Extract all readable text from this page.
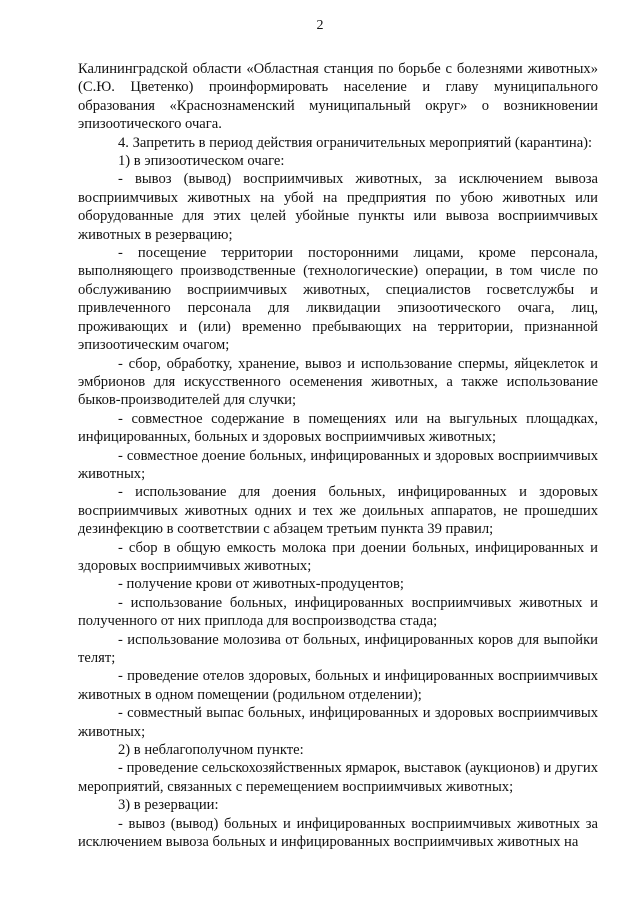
2

Калининградской области «Областная станция по борьбе с болезнями животных» (С.Ю. Цветенко) проинформировать население и главу муниципального образования «Краснознаменский муниципальный округ» о возникновении эпизоотического очага.

4. Запретить в период действия ограничительных мероприятий (карантина):

1) в эпизоотическом очаге:

- вывоз (вывод) восприимчивых животных, за исключением вывоза восприимчивых животных на убой на предприятия по убою животных или оборудованные для этих целей убойные пункты или вывоза восприимчивых животных в резервацию;

- посещение территории посторонними лицами, кроме персонала, выполняющего производственные (технологические) операции, в том числе по обслуживанию восприимчивых животных, специалистов госветслужбы и привлеченного персонала для ликвидации эпизоотического очага, лиц, проживающих и (или) временно пребывающих на территории, признанной эпизоотическим очагом;

- сбор, обработку, хранение, вывоз и использование спермы, яйцеклеток и эмбрионов для искусственного осеменения животных, а также использование быков-производителей для случки;

- совместное содержание в помещениях или на выгульных площадках, инфицированных, больных и здоровых восприимчивых животных;

- совместное доение больных, инфицированных и здоровых восприимчивых животных;

- использование для доения больных, инфицированных и здоровых восприимчивых животных одних и тех же доильных аппаратов, не прошедших дезинфекцию в соответствии с абзацем третьим пункта 39 правил;

- сбор в общую емкость молока при доении больных, инфицированных и здоровых восприимчивых животных;

- получение крови от животных-продуцентов;

- использование больных, инфицированных восприимчивых животных и полученного от них приплода для воспроизводства стада;

- использование молозива от больных, инфицированных коров для выпойки телят;

- проведение отелов здоровых, больных и инфицированных восприимчивых животных в одном помещении (родильном отделении);

- совместный выпас больных, инфицированных и здоровых восприимчивых животных;

2) в неблагополучном пункте:

- проведение сельскохозяйственных ярмарок, выставок (аукционов) и других мероприятий, связанных с перемещением восприимчивых животных;

3) в резервации:

- вывоз (вывод) больных и инфицированных восприимчивых животных за исключением вывоза больных и инфицированных восприимчивых животных на
